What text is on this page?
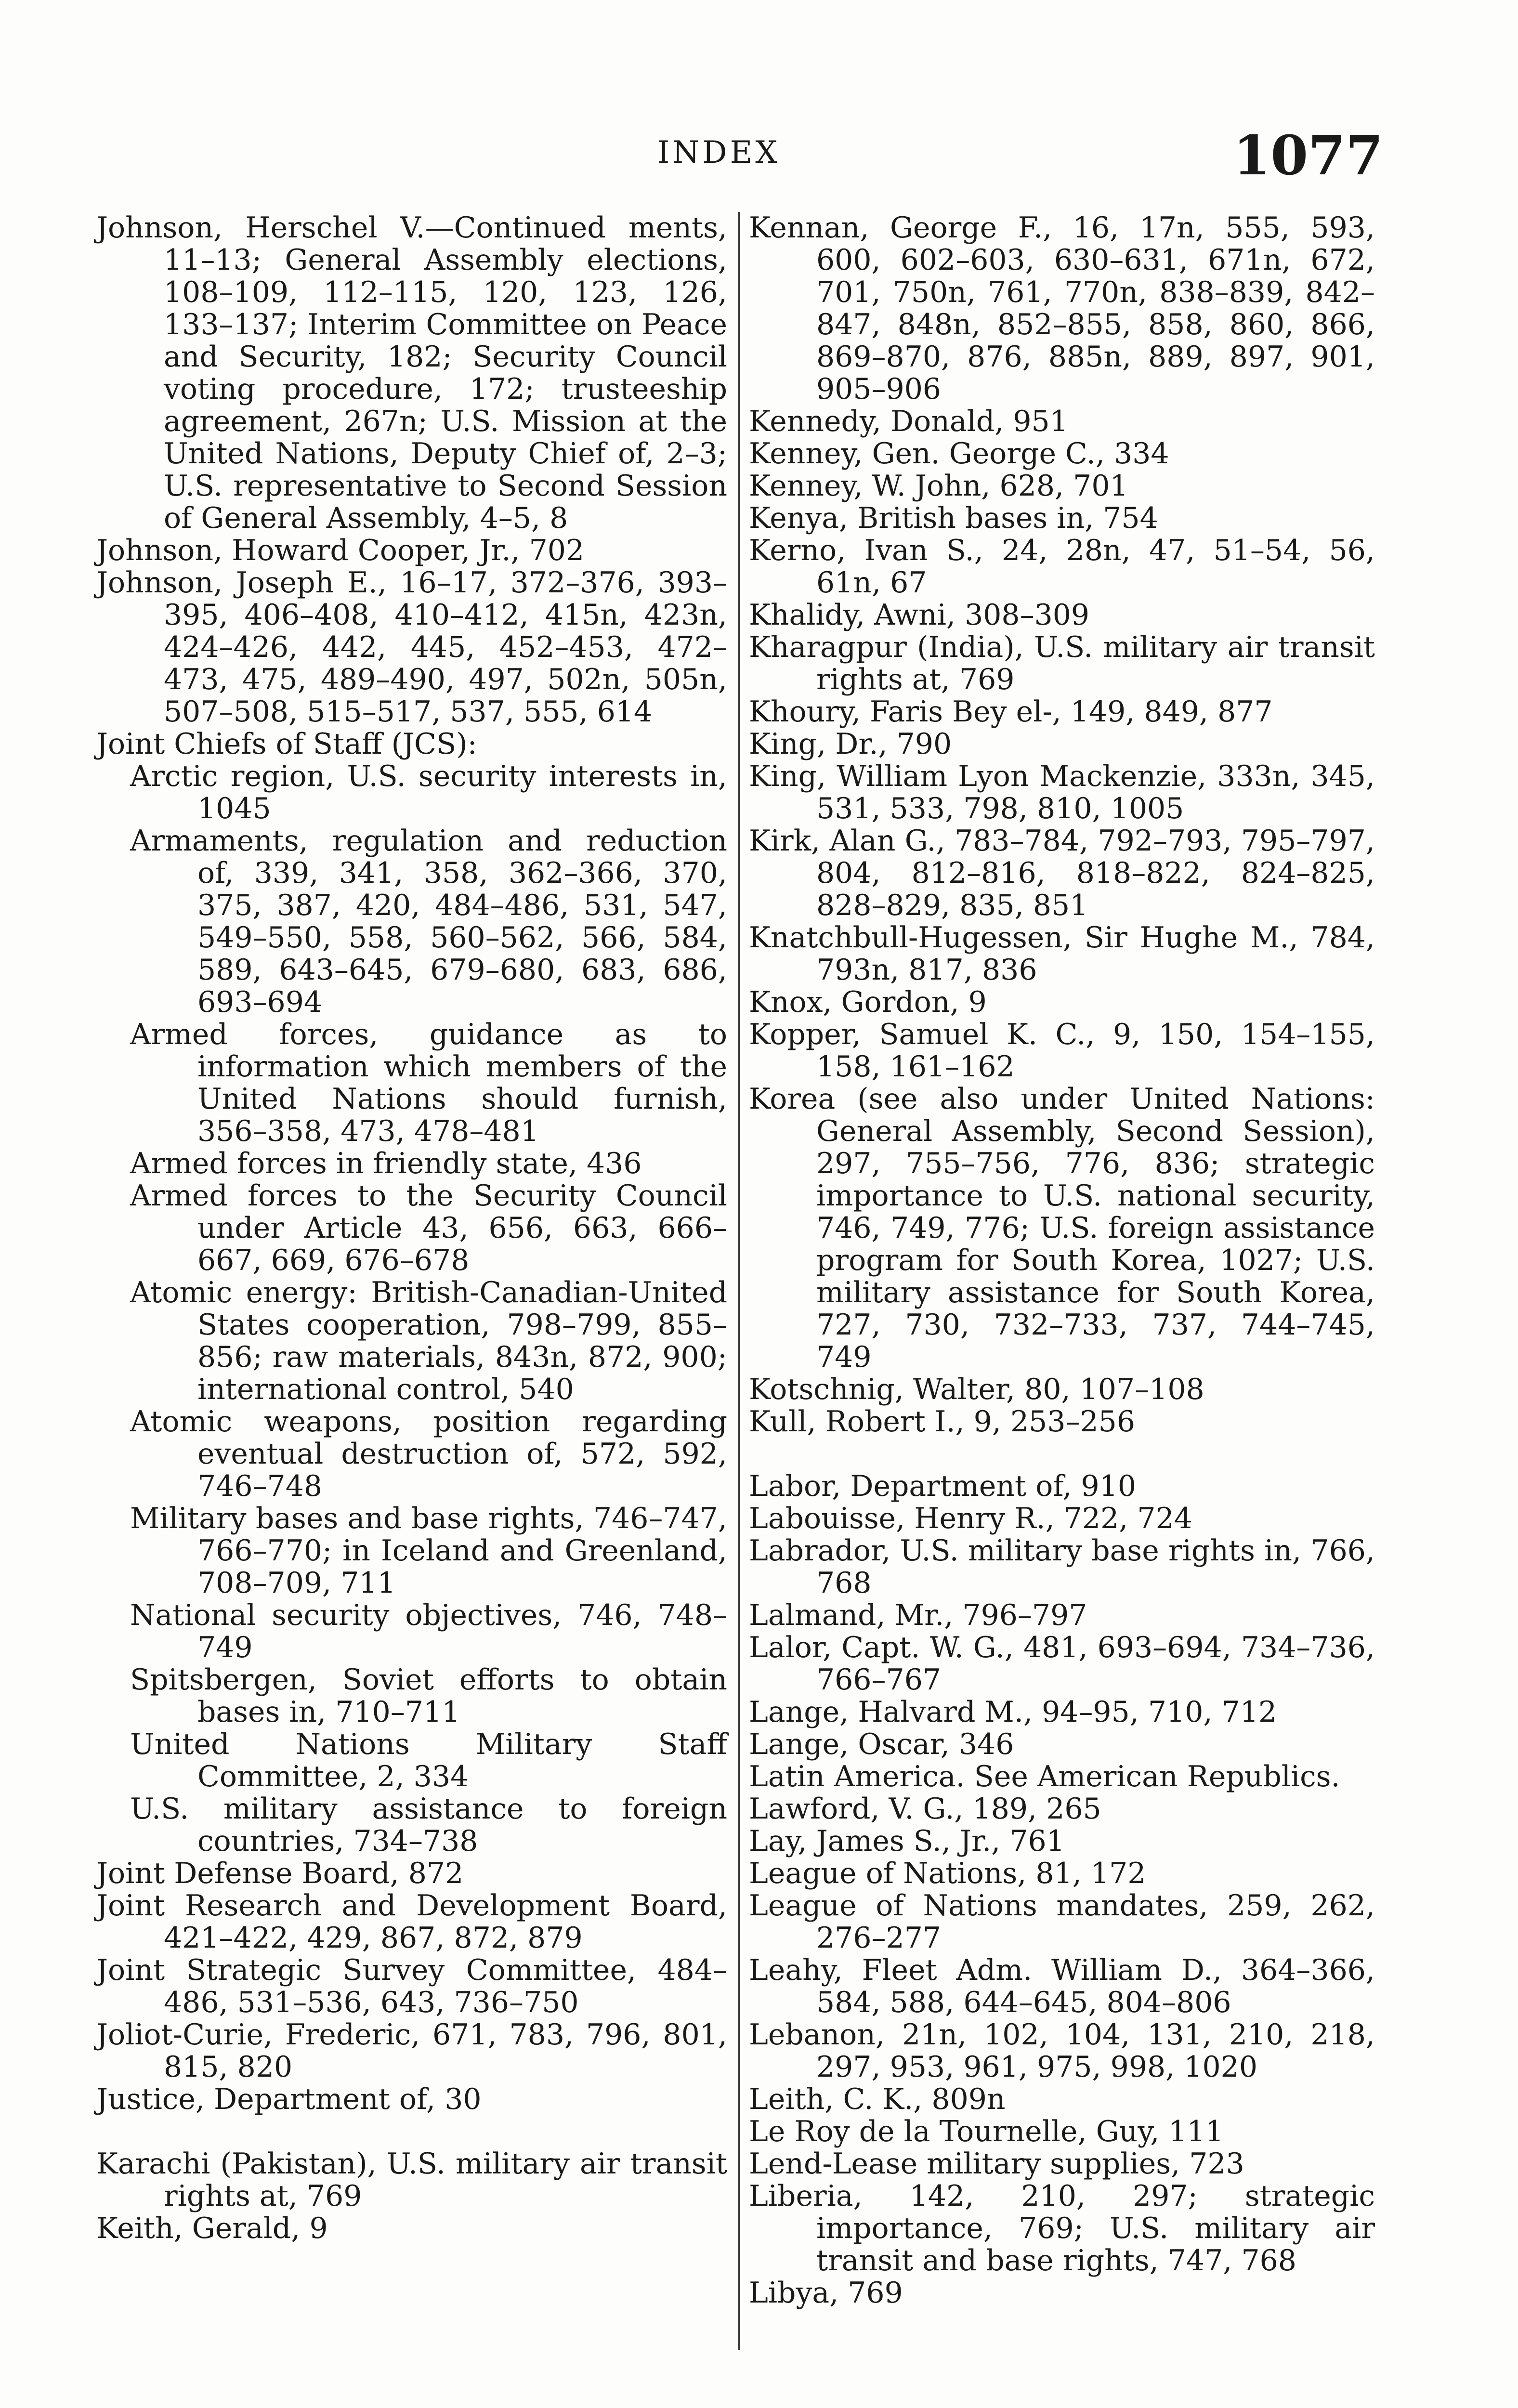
INDEX	1077
Johnson, Herschel V.—Continued ments, 11–13; General Assembly elections, 108–109, 112–115, 120, 123, 126, 133–137; Interim Committee on Peace and Security, 182; Security Council voting procedure, 172; trusteeship agreement, 267n; U.S. Mission at the United Nations, Deputy Chief of, 2–3; U.S. representative to Second Session of General Assembly, 4–5, 8
Johnson, Howard Cooper, Jr., 702
Johnson, Joseph E., 16–17, 372–376, 393–395, 406–408, 410–412, 415n, 423n, 424–426, 442, 445, 452–453, 472–473, 475, 489–490, 497, 502n, 505n, 507–508, 515–517, 537, 555, 614
Joint Chiefs of Staff (JCS):
Arctic region, U.S. security interests in, 1045
Armaments, regulation and reduction of, 339, 341, 358, 362–366, 370, 375, 387, 420, 484–486, 531, 547, 549–550, 558, 560–562, 566, 584, 589, 643–645, 679–680, 683, 686, 693–694
Armed forces, guidance as to information which members of the United Nations should furnish, 356–358, 473, 478–481
Armed forces in friendly state, 436
Armed forces to the Security Council under Article 43, 656, 663, 666–667, 669, 676–678
Atomic energy: British-Canadian-United States cooperation, 798–799, 855–856; raw materials, 843n, 872, 900; international control, 540
Atomic weapons, position regarding eventual destruction of, 572, 592, 746–748
Military bases and base rights, 746–747, 766–770; in Iceland and Greenland, 708–709, 711
National security objectives, 746, 748–749
Spitsbergen, Soviet efforts to obtain bases in, 710–711
United Nations Military Staff Committee, 2, 334
U.S. military assistance to foreign countries, 734–738
Joint Defense Board, 872
Joint Research and Development Board, 421–422, 429, 867, 872, 879
Joint Strategic Survey Committee, 484–486, 531–536, 643, 736–750
Joliot-Curie, Frederic, 671, 783, 796, 801, 815, 820
Justice, Department of, 30
Karachi (Pakistan), U.S. military air transit rights at, 769
Keith, Gerald, 9
Kennan, George F., 16, 17n, 555, 593, 600, 602–603, 630–631, 671n, 672, 701, 750n, 761, 770n, 838–839, 842–847, 848n, 852–855, 858, 860, 866, 869–870, 876, 885n, 889, 897, 901, 905–906
Kennedy, Donald, 951
Kenney, Gen. George C., 334
Kenney, W. John, 628, 701
Kenya, British bases in, 754
Kerno, Ivan S., 24, 28n, 47, 51–54, 56, 61n, 67
Khalidy, Awni, 308–309
Kharagpur (India), U.S. military air transit rights at, 769
Khoury, Faris Bey el-, 149, 849, 877
King, Dr., 790
King, William Lyon Mackenzie, 333n, 345, 531, 533, 798, 810, 1005
Kirk, Alan G., 783–784, 792–793, 795–797, 804, 812–816, 818–822, 824–825, 828–829, 835, 851
Knatchbull-Hugessen, Sir Hughe M., 784, 793n, 817, 836
Knox, Gordon, 9
Kopper, Samuel K. C., 9, 150, 154–155, 158, 161–162
Korea (see also under United Nations: General Assembly, Second Session), 297, 755–756, 776, 836; strategic importance to U.S. national security, 746, 749, 776; U.S. foreign assistance program for South Korea, 1027; U.S. military assistance for South Korea, 727, 730, 732–733, 737, 744–745, 749
Kotschnig, Walter, 80, 107–108
Kull, Robert I., 9, 253–256
Labor, Department of, 910
Labouisse, Henry R., 722, 724
Labrador, U.S. military base rights in, 766, 768
Lalmand, Mr., 796–797
Lalor, Capt. W. G., 481, 693–694, 734–736, 766–767
Lange, Halvard M., 94–95, 710, 712
Lange, Oscar, 346
Latin America. See American Republics.
Lawford, V. G., 189, 265
Lay, James S., Jr., 761
League of Nations, 81, 172
League of Nations mandates, 259, 262, 276–277
Leahy, Fleet Adm. William D., 364–366, 584, 588, 644–645, 804–806
Lebanon, 21n, 102, 104, 131, 210, 218, 297, 953, 961, 975, 998, 1020
Leith, C. K., 809n
Le Roy de la Tournelle, Guy, 111
Lend-Lease military supplies, 723
Liberia, 142, 210, 297; strategic importance, 769; U.S. military air transit and base rights, 747, 768
Libya, 769
